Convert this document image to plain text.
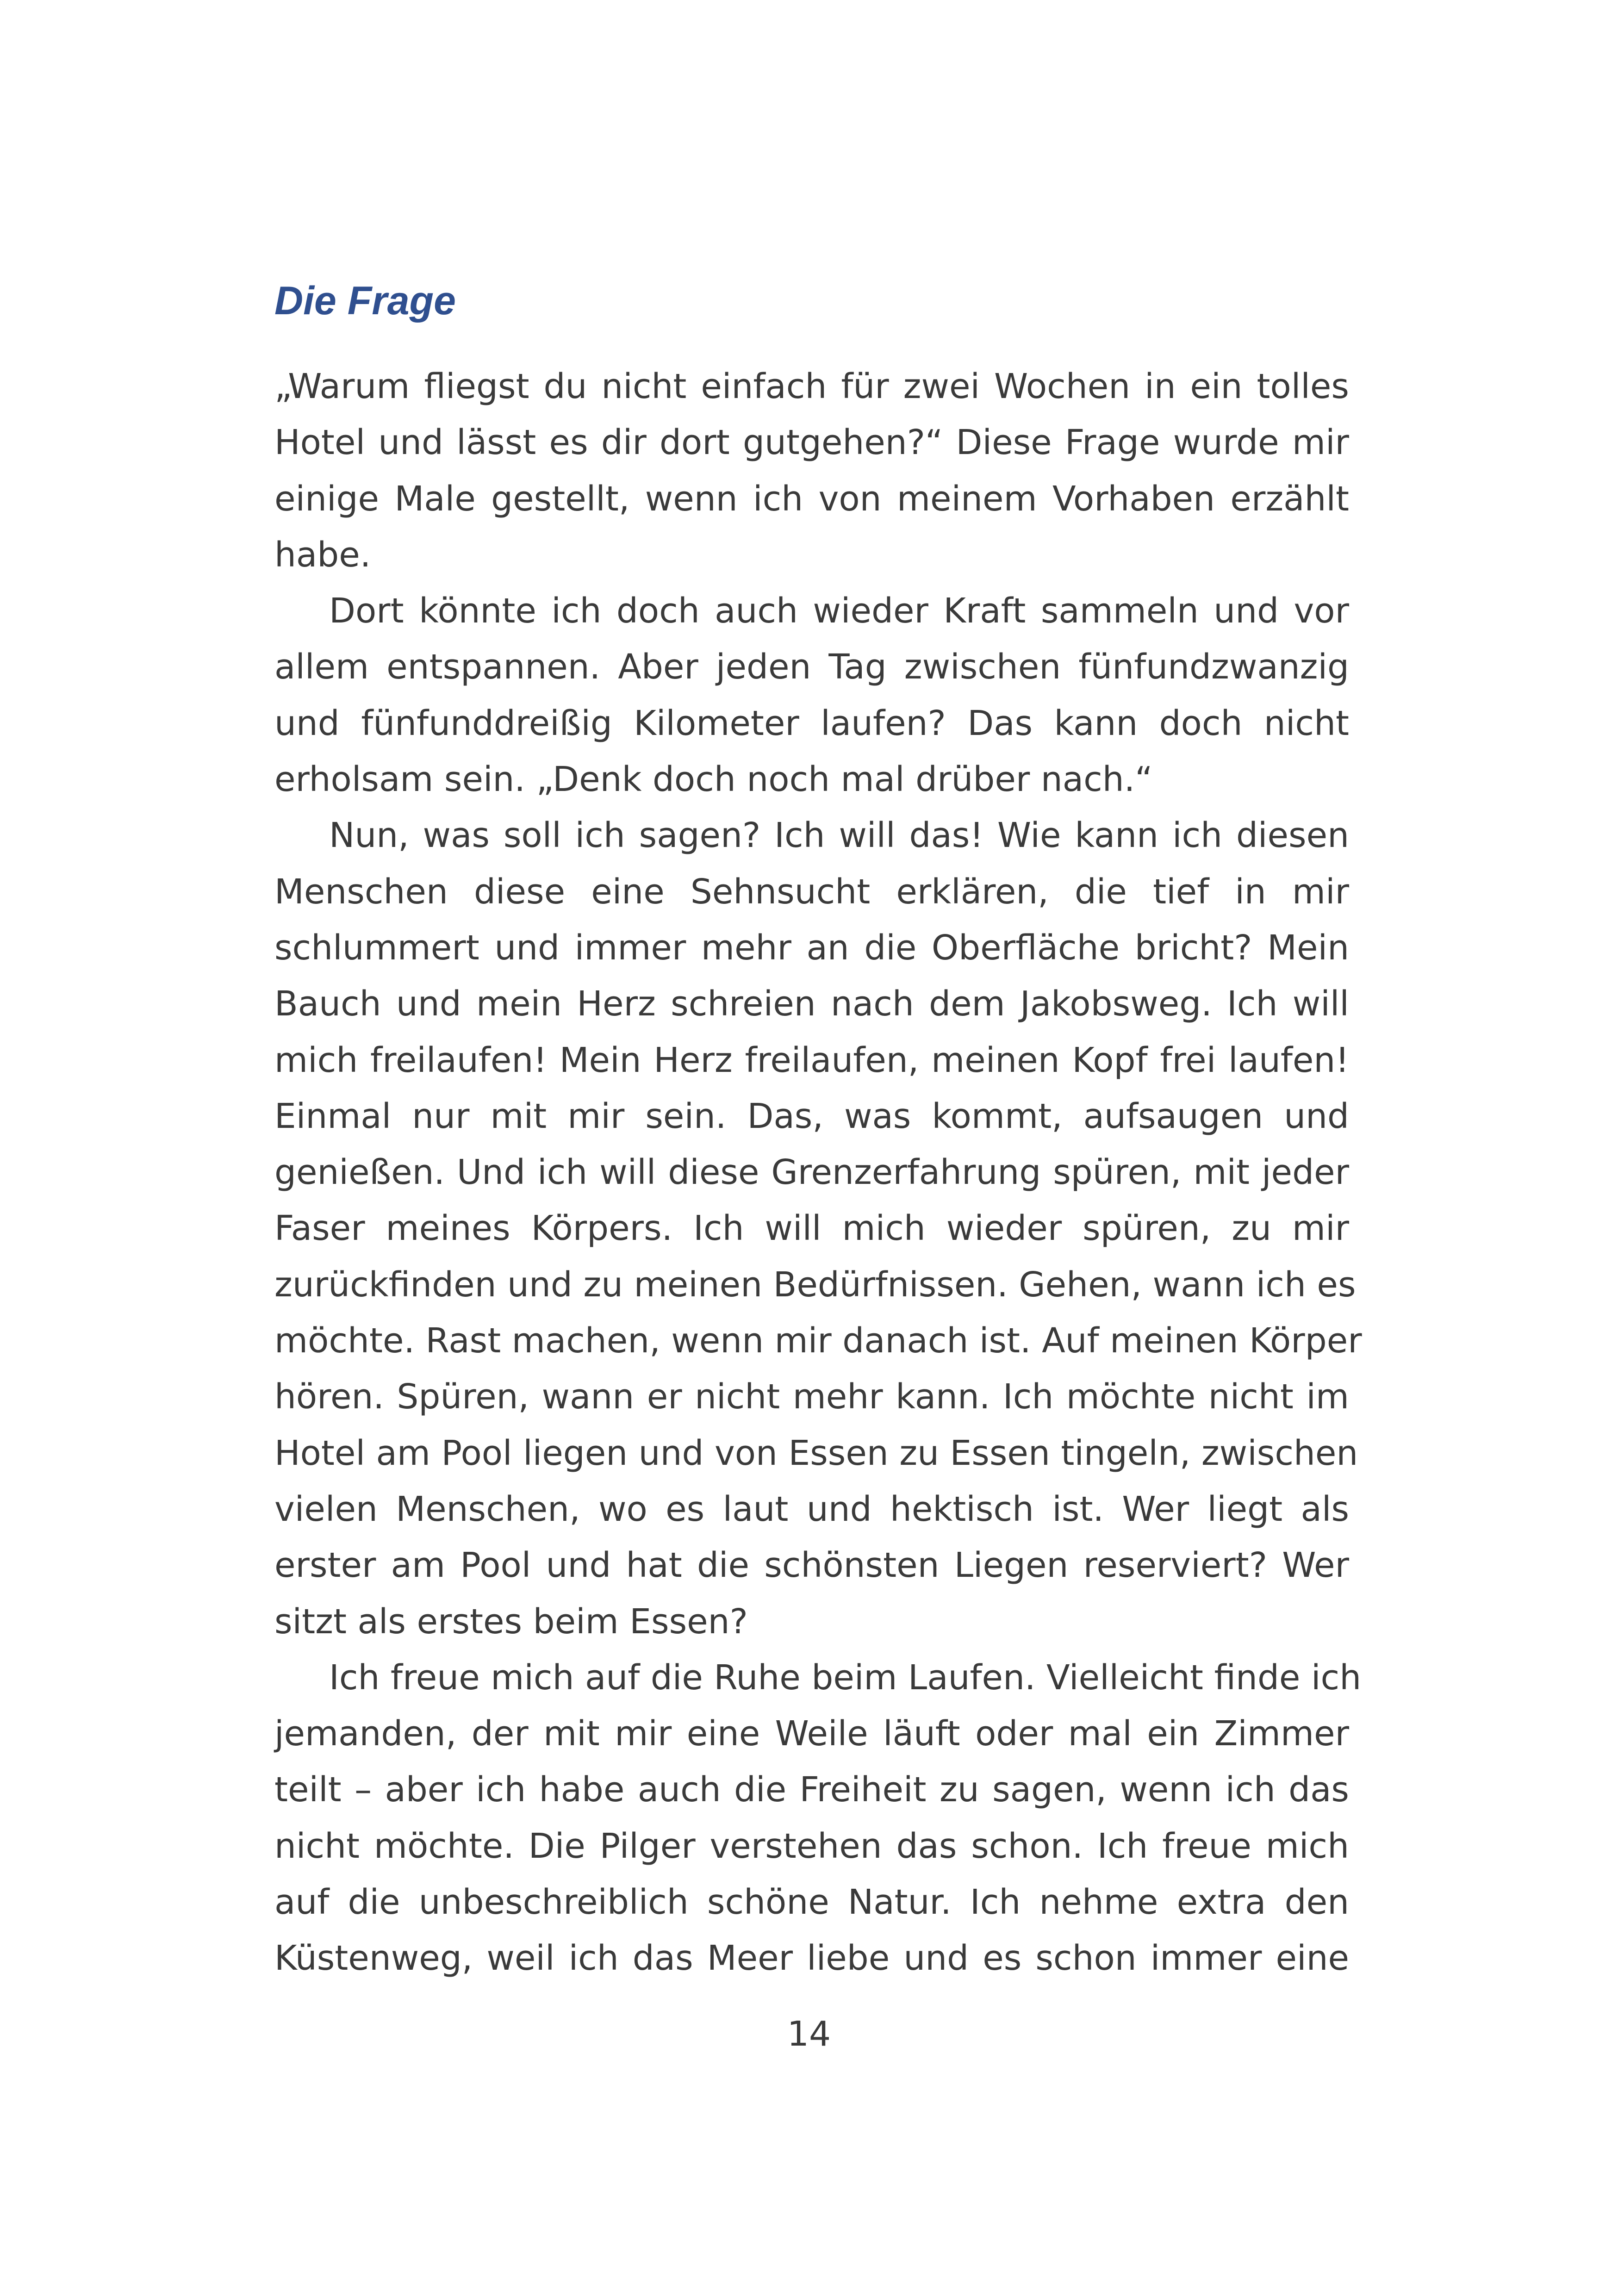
Die Frage

„Warum fliegst du nicht einfach für zwei Wochen in ein tolles
Hotel und lässt es dir dort gutgehen?“ Diese Frage wurde mir
einige Male gestellt, wenn ich von meinem Vorhaben erzählt
habe.

Dort könnte ich doch auch wieder Kraft sammeln und vor
allem entspannen. Aber jeden Tag zwischen fünfundzwanzig
und fünfunddreißig Kilometer laufen? Das kann doch nicht
erholsam sein. „Denk doch noch mal drüber nach.“

Nun, was soll ich sagen? Ich will das! Wie kann ich diesen
Menschen diese eine Sehnsucht erklären, die tief in mir
schlummert und immer mehr an die Oberfläche bricht? Mein
Bauch und mein Herz schreien nach dem Jakobsweg. Ich will
mich freilaufen! Mein Herz freilaufen, meinen Kopf frei laufen!
Einmal nur mit mir sein. Das, was kommt, aufsaugen und
genießen. Und ich will diese Grenzerfahrung spüren, mit jeder
Faser meines Körpers. Ich will mich wieder spüren, zu mir
zurückfinden und zu meinen Bedürfnissen. Gehen, wann ich es
möchte. Rast machen, wenn mir danach ist. Auf meinen Körper
hören. Spüren, wann er nicht mehr kann. Ich möchte nicht im
Hotel am Pool liegen und von Essen zu Essen tingeln, zwischen
vielen Menschen, wo es laut und hektisch ist. Wer liegt als
erster am Pool und hat die schönsten Liegen reserviert? Wer
sitzt als erstes beim Essen?

Ich freue mich auf die Ruhe beim Laufen. Vielleicht finde ich
jemanden, der mit mir eine Weile läuft oder mal ein Zimmer
teilt – aber ich habe auch die Freiheit zu sagen, wenn ich das
nicht möchte. Die Pilger verstehen das schon. Ich freue mich
auf die unbeschreiblich schöne Natur. Ich nehme extra den
Küstenweg, weil ich das Meer liebe und es schon immer eine

14
